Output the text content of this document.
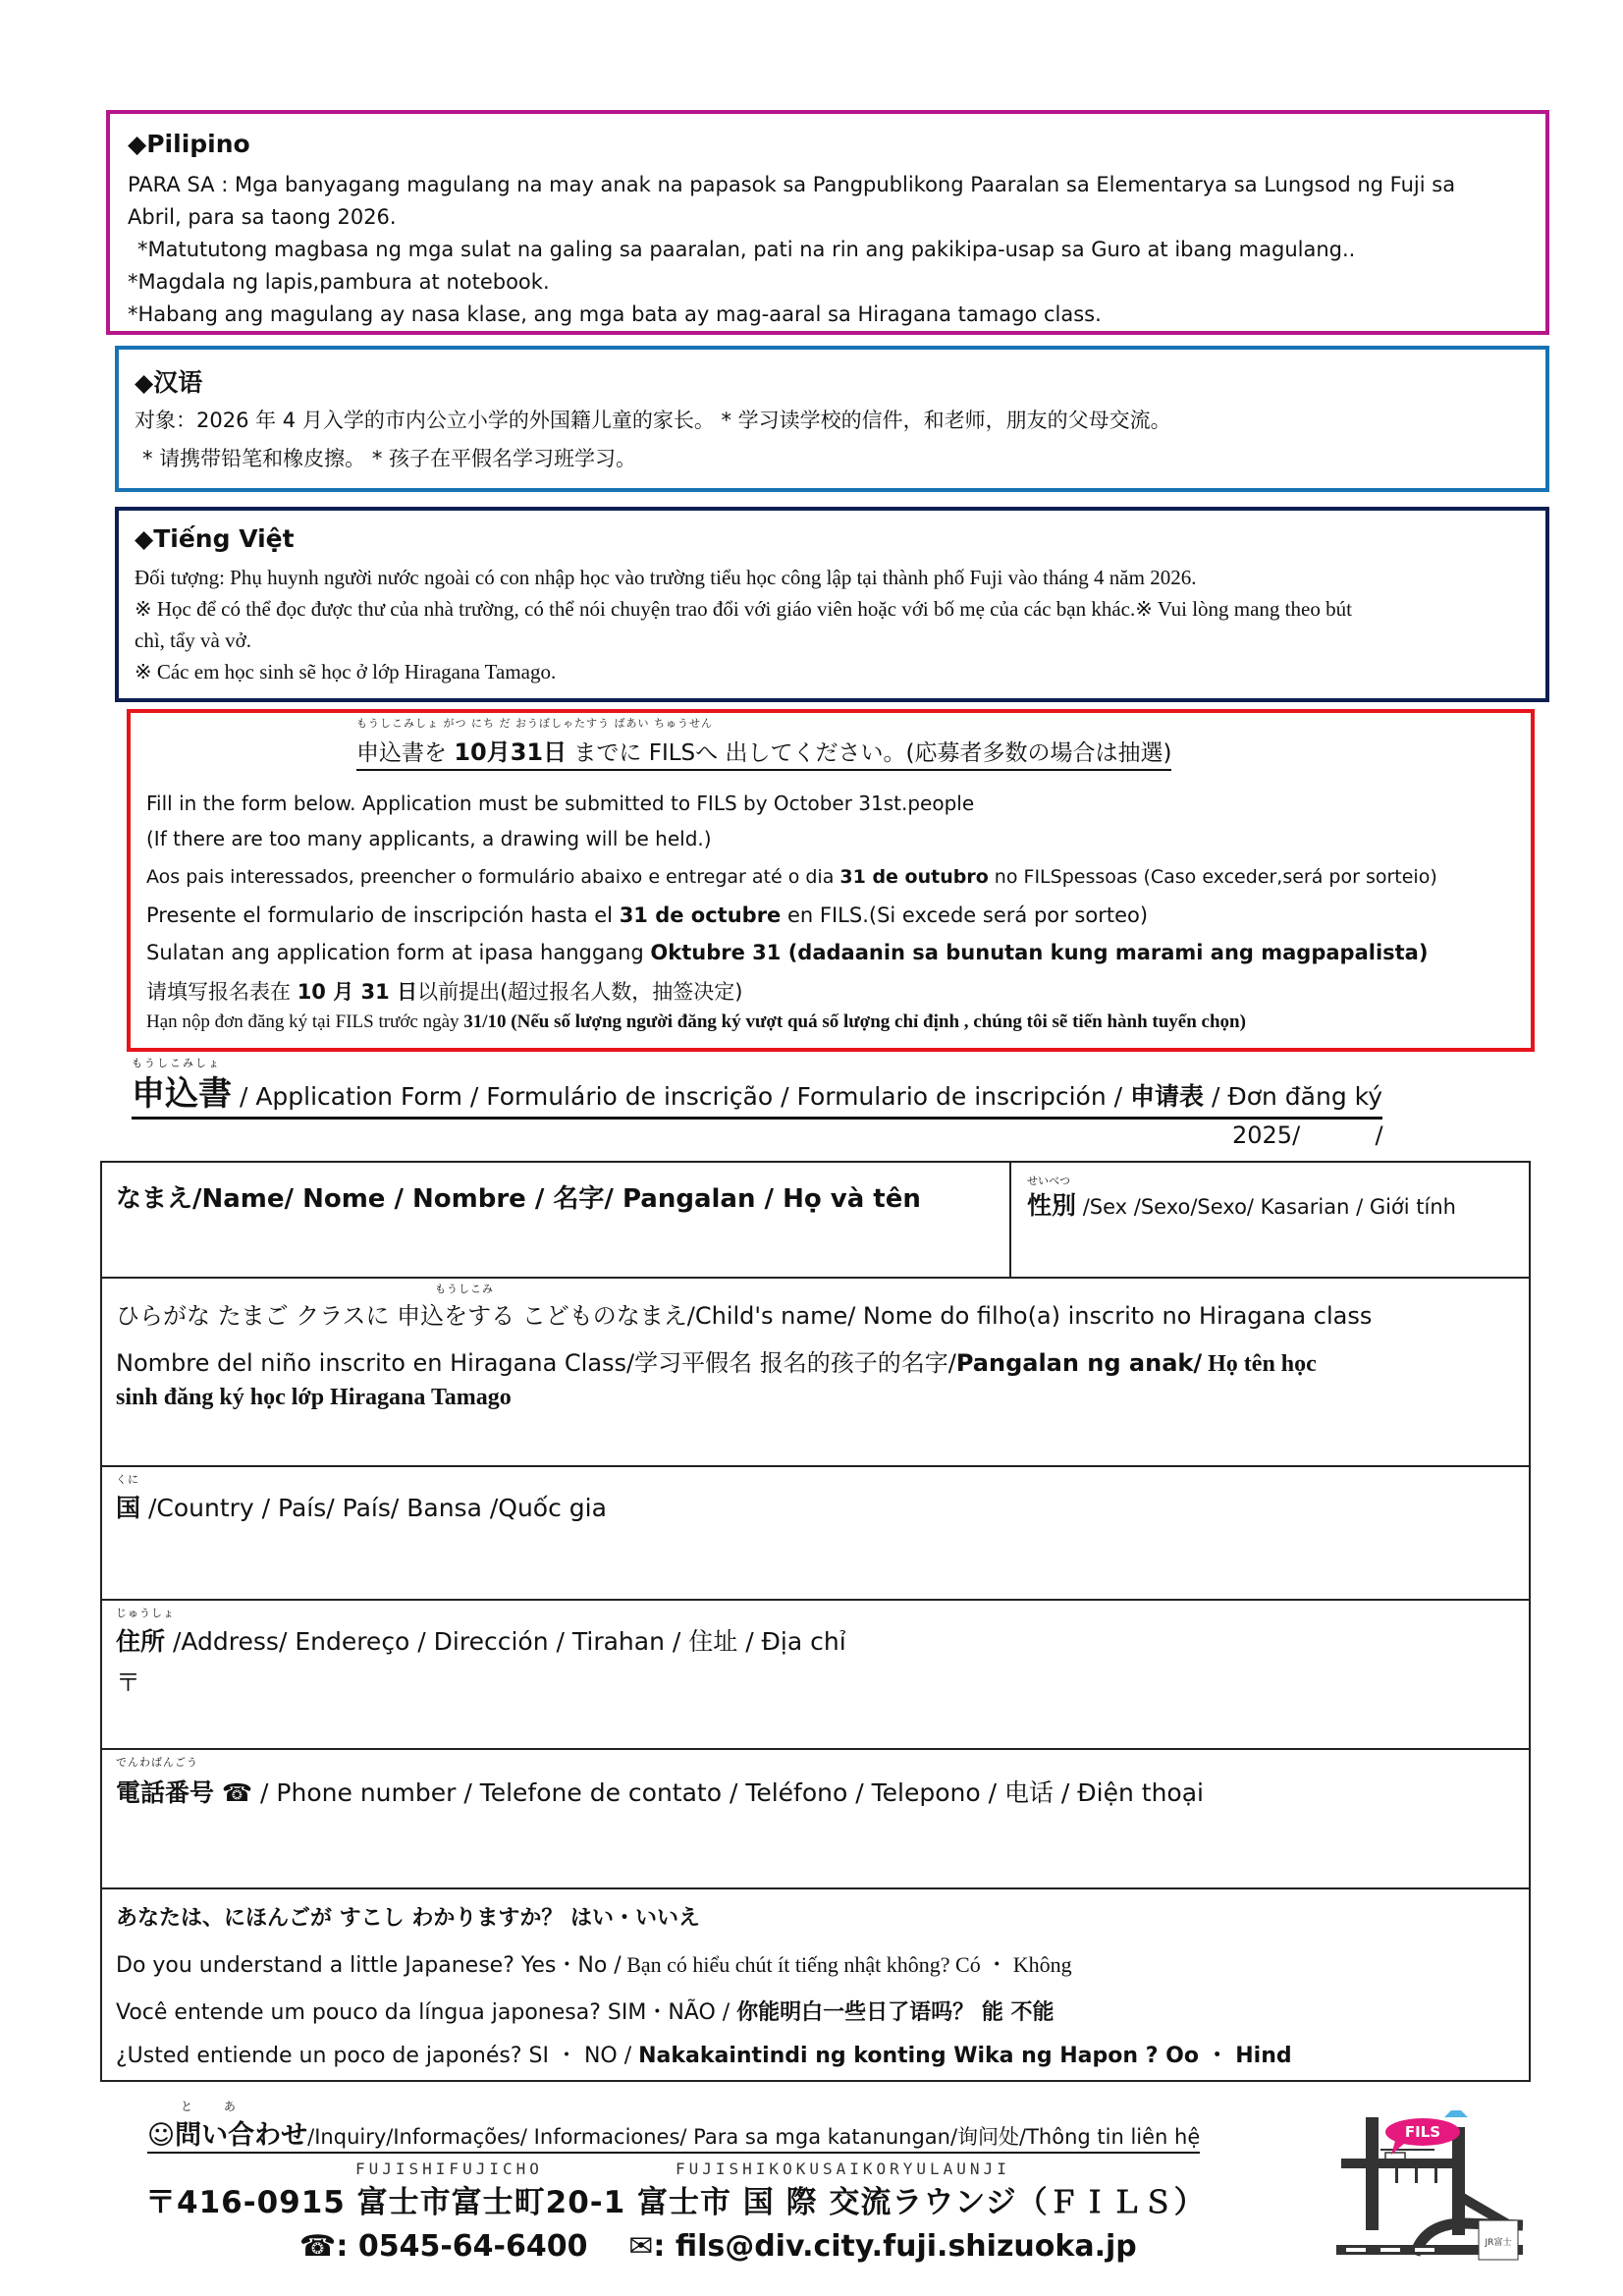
◆Pilipino
PARA SA : Mga banyagang magulang na may anak na papasok sa Pangpublikong Paaralan sa Elementarya sa Lungsod ng Fuji sa
Abril, para sa taong 2026.
*Matututong magbasa ng mga sulat na galing sa paaralan, pati na rin ang pakikipa-usap sa Guro at ibang magulang..
*Magdala ng lapis,pambura at notebook.
*Habang ang magulang ay nasa klase, ang mga bata ay mag-aaral sa Hiragana tamago class.
◆汉语
对象：2026 年 4 月入学的市内公立小学的外国籍儿童的家长。 * 学习读学校的信件，和老师，朋友的父母交流。
* 请携带铅笔和橡皮擦。 * 孩子在平假名学习班学习。
◆Tiếng Việt
Đối tượng: Phụ huynh người nước ngoài có con nhập học vào trường tiểu học công lập tại thành phố Fuji vào tháng 4 năm 2026.
※ Học để có thể đọc được thư của nhà trường, có thể nói chuyện trao đổi với giáo viên hoặc với bố mẹ của các bạn khác.※ Vui lòng mang theo bút
chì, tẩy và vở.
※ Các em học sinh sẽ học ở lớp Hiragana Tamago.
もうしこみしょ がつ にち だ おうぼしゃたすう ばあい ちゅうせん
申込書を 10月31日 までに FILSへ 出してください。(応募者多数の場合は抽選)
Fill in the form below. Application must be submitted to FILS by October 31st.people
(If there are too many applicants, a drawing will be held.)
Aos pais interessados, preencher o formulário abaixo e entregar até o dia 31 de outubro no FILSpessoas (Caso exceder,será por sorteio)
Presente el formulario de inscripción hasta el 31 de octubre en FILS.(Si excede será por sorteo)
Sulatan ang application form at ipasa hanggang Oktubre 31 (dadaanin sa bunutan kung marami ang magpapalista)
请填写报名表在 10 月 31 日以前提出(超过报名人数，抽签决定)
Hạn nộp đơn đăng ký tại FILS trước ngày 31/10 (Nếu số lượng người đăng ký vượt quá số lượng chỉ định , chúng tôi sẽ tiến hành tuyển chọn)
もうしこみしょ
申込書 / Application Form / Formulário de inscrição / Formulario de inscripción / 申请表 / Đơn đăng ký
2025/          /
なまえ/Name/ Nome / Nombre / 名字/ Pangalan / Họ và tên
せいべつ
性別 /Sex /Sexo/Sexo/ Kasarian / Giới tính
もうしこみ
ひらがな たまご クラスに 申込をする こどものなまえ/Child's name/ Nome do filho(a) inscrito no Hiragana class
Nombre del niño inscrito en Hiragana Class/学习平假名 报名的孩子的名字/Pangalan ng anak/ Họ tên học
sinh đăng ký học lớp Hiragana Tamago
くに
国 /Country / País/ País/ Bansa /Quốc gia
じゅうしょ
住所 /Address/ Endereço / Dirección / Tirahan / 住址 / Địa chỉ
〒
でんわばんごう
電話番号 ☎ / Phone number / Telefone de contato / Teléfono / Telepono / 电话 / Điện thoại
あなたは、にほんごが すこし わかりますか？ はい・いいえ
Do you understand a little Japanese? Yes・No / Bạn có hiểu chút ít tiếng nhật không? Có ・ Không
Você entende um pouco da língua japonesa? SIM・NÃO / 你能明白一些日了语吗？ 能 不能
¿Usted entiende un poco de japonés? SI ・ NO / Nakakaintindi ng konting Wika ng Hapon ? Oo ・ Hind
と あ
☺問い合わせ/Inquiry/Informações/ Informaciones/ Para sa mga katanungan/询问处/Thông tin liên hệ
FUJISHIFUJICHO	FUJISHIKOKUSAIKORYULAUNJI
〒416-0915 富士市富士町20-1 富士市 国 際 交流ラウンジ（ＦＩＬＳ）
☎: 0545-64-6400 ✉: fils@div.city.fuji.shizuoka.jp	JR富士
FILS
